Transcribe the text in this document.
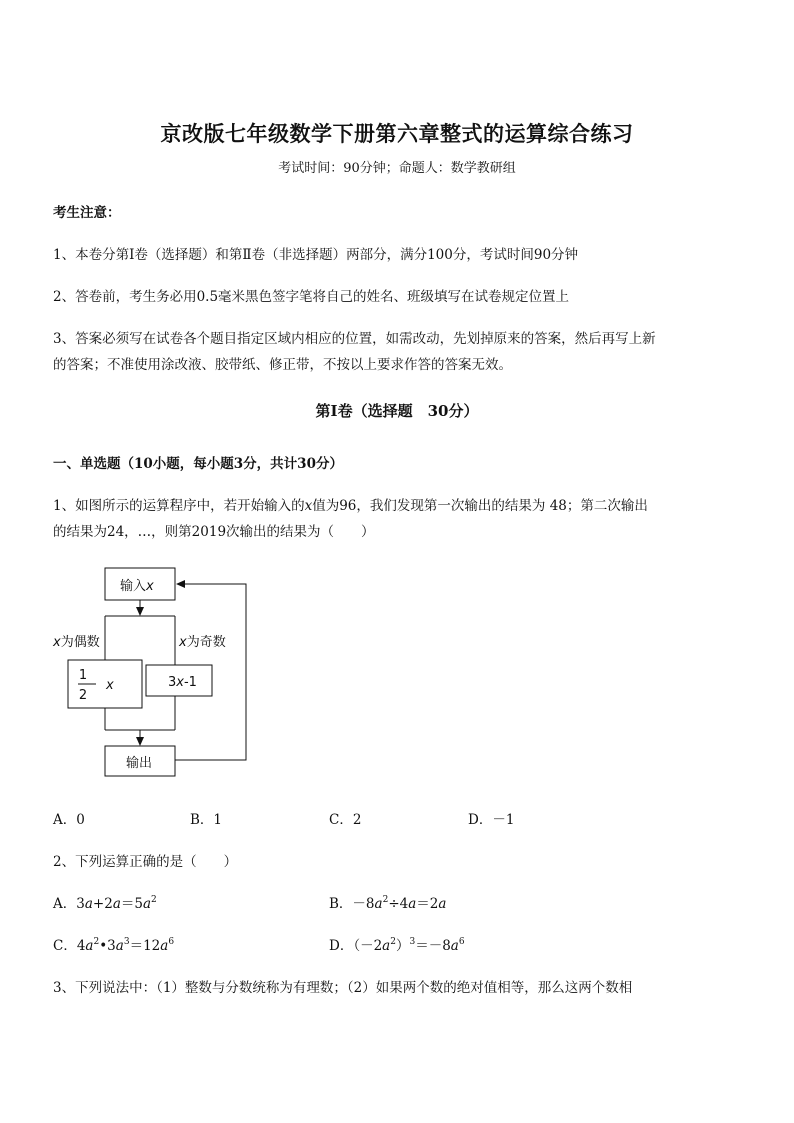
京改版七年级数学下册第六章整式的运算综合练习
考试时间：90分钟；命题人：数学教研组
考生注意：
1、本卷分第Ⅰ卷（选择题）和第Ⅱ卷（非选择题）两部分，满分100分，考试时间90分钟
2、答卷前，考生务必用0.5毫米黑色签字笔将自己的姓名、班级填写在试卷规定位置上
3、答案必须写在试卷各个题目指定区域内相应的位置，如需改动，先划掉原来的答案，然后再写上新
的答案；不准使用涂改液、胶带纸、修正带，不按以上要求作答的答案无效。
第Ⅰ卷（选择题　30分）
一、单选题（10小题，每小题3分，共计30分）
1、如图所示的运算程序中，若开始输入的x值为96，我们发现第一次输出的结果为 48；第二次输出
的结果为24，…，则第2019次输出的结果为（　　）
输入x
x为偶数	x为奇数
1
2
x	3x-1
输出
A．0	B．1	C．2	D．－1
2、下列运算正确的是（　　）
A．$3a+2a=5a^2$	B．$-8a^2\div 4a=2a$
C．$4a^2•3a^3=12a^6$	D．$(-2a^2)^3=-8a^6$
3、下列说法中：（1）整数与分数统称为有理数；（2）如果两个数的绝对值相等，那么这两个数相
